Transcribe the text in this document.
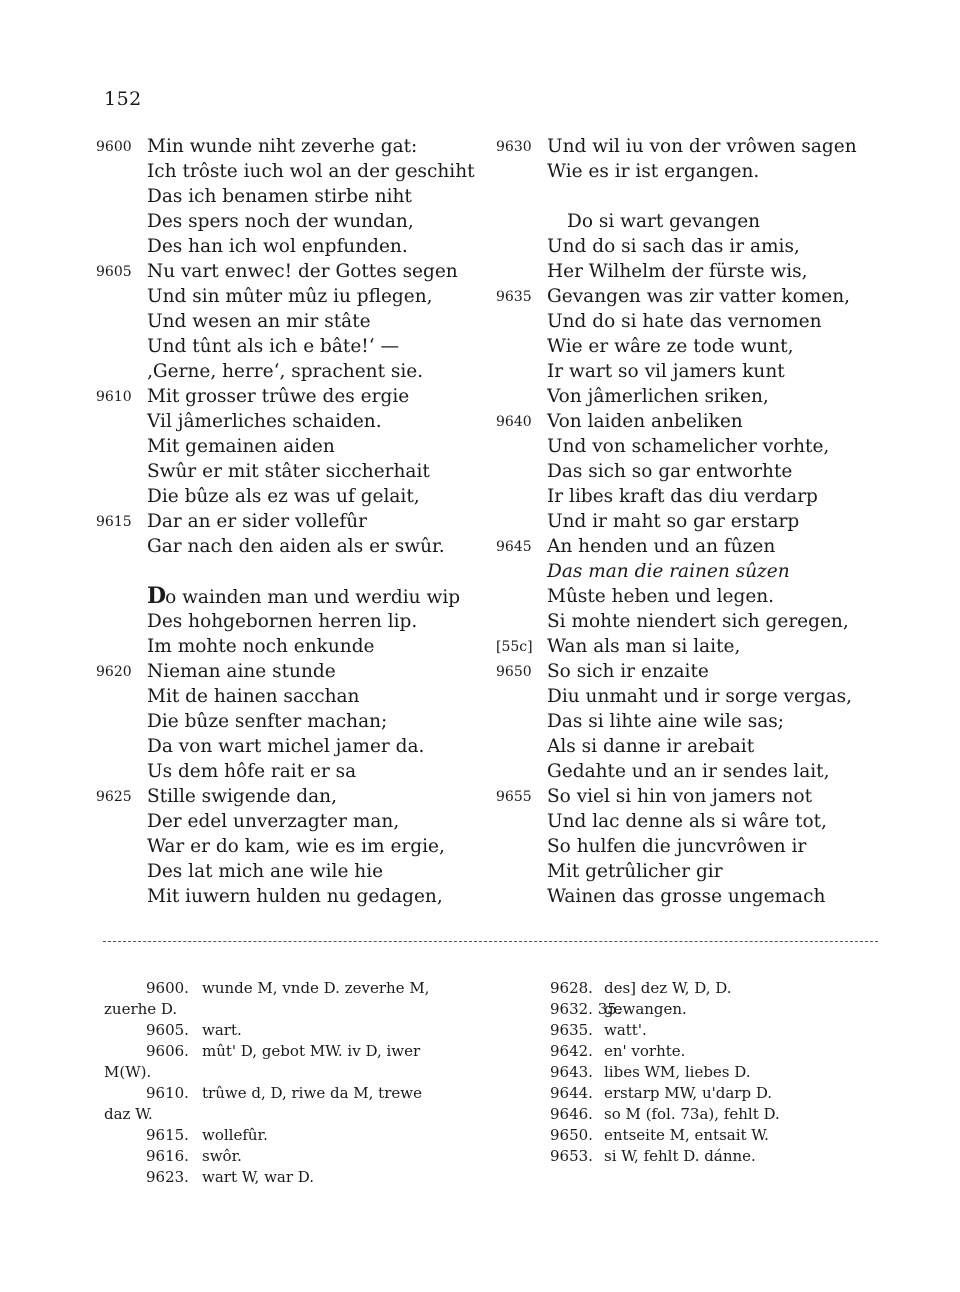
152
9600 Min wunde niht zeverhe gat:
Ich trôste iuch wol an der geschiht
Das ich benamen stirbe niht
Des spers noch der wundan,
Des han ich wol enpfunden.
9605 Nu vart enwec! der Gottes segen
Und sin mûter mûz iu pflegen,
Und wesen an mir stâte
Und tûnt als ich e bâte!‘ —
‚Gerne, herre‘, sprachent sie.
9610 Mit grosser trûwe des ergie
Vil jâmerliches schaiden.
Mit gemainen aiden
Swûr er mit stâter siccherhait
Die bûze als ez was uf gelait,
9615 Dar an er sider vollefûr
Gar nach den aiden als er swûr.
Do wainden man und werdiu wip
Des hohgebornen herren lip.
Im mohte noch enkunde
9620 Nieman aine stunde
Mit de hainen sacchan
Die bûze senfter machan;
Da von wart michel jamer da.
Us dem hôfe rait er sa
9625 Stille swigende dan,
Der edel unverzagter man,
War er do kam, wie es im ergie,
Des lat mich ane wile hie
Mit iuwern hulden nu gedagen,
9630 Und wil iu von der vrôwen sagen
Wie es ir ist ergangen.
Do si wart gevangen
Und do si sach das ir amis,
Her Wilhelm der fürste wis,
9635 Gevangen was zir vatter komen,
Und do si hate das vernomen
Wie er wâre ze tode wunt,
Ir wart so vil jamers kunt
Von jâmerlichen sriken,
9640 Von laiden anbeliken
Und von schamelicher vorhte,
Das sich so gar entworhte
Ir libes kraft das diu verdarp
Und ir maht so gar erstarp
9645 An henden und an fûzen
Das man die rainen sûzen
Mûste heben und legen.
Si mohte niendert sich geregen,
[55c] Wan als man si laite,
9650 So sich ir enzaite
Diu unmaht und ir sorge vergas,
Das si lihte aine wile sas;
Als si danne ir arebait
Gedahte und an ir sendes lait,
9655 So viel si hin von jamers not
Und lac denne als si wâre tot,
So hulfen die juncvrôwen ir
Mit getrûlicher gir
Wainen das grosse ungemach
9600. wunde M, vnde D. zeverhe M,
zuerhe D.
9605. wart.
9606. mût' D, gebot MW. iv D, iwer
M(W).
9610. trûwe d, D, riwe da M, trewe
daz W.
9615. wollefûr.
9616. swôr.
9623. wart W, war D.
9628. des] dez W, D, D.
9632. 35.
gewangen.
9635. watt'.
9642. en' vorhte.
9643. libes WM, liebes D.
9644. erstarp MW, u'darp D.
9646. so M (fol. 73a), fehlt D.
9650. entseite M, entsait W.
9653. si W, fehlt D. dánne.
